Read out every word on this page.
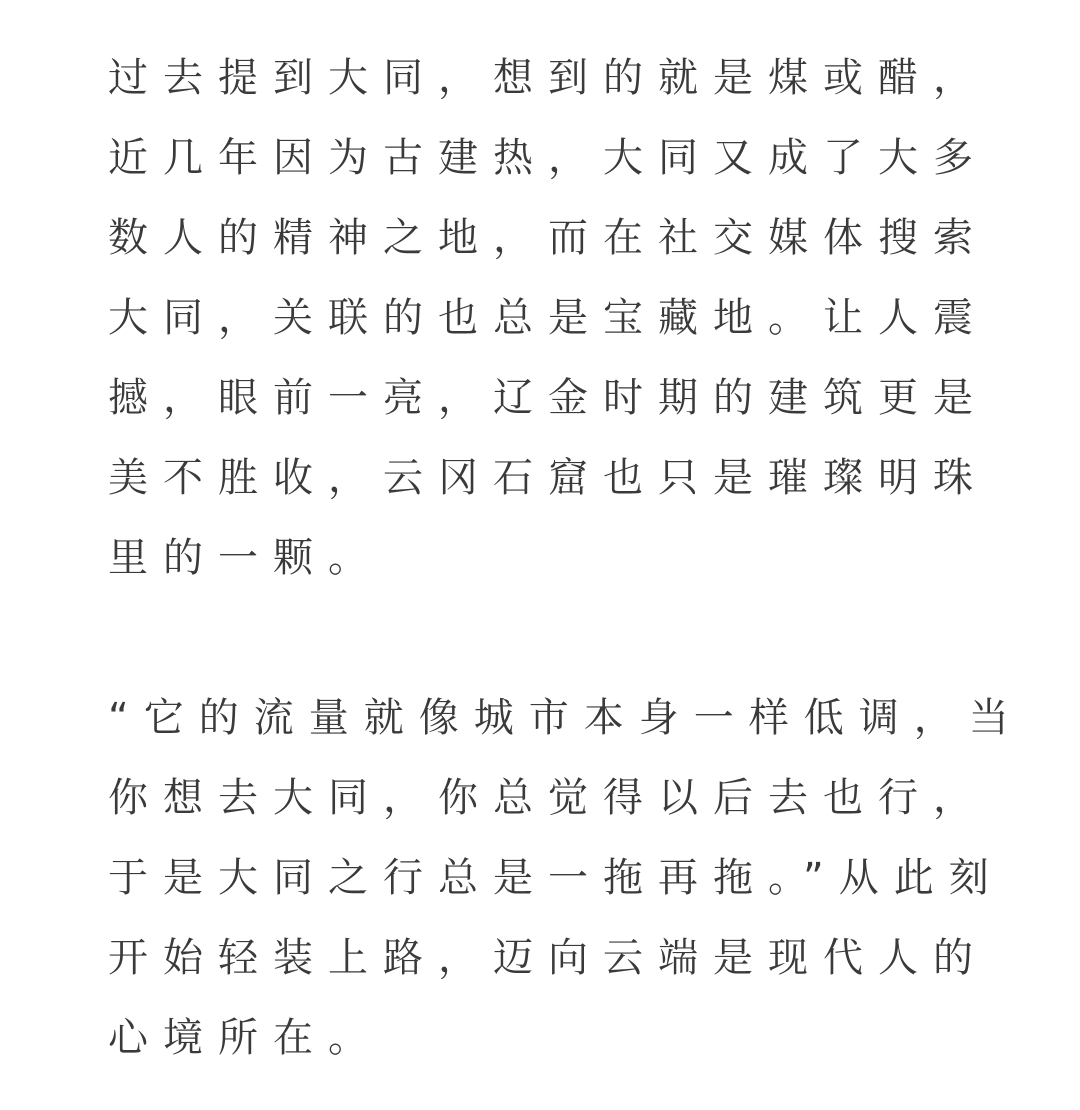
过去提到大同，想到的就是煤或醋，
近几年因为古建热，大同又成了大多
数人的精神之地，而在社交媒体搜索
大同，关联的也总是宝藏地。让人震
撼，眼前一亮，辽金时期的建筑更是
美不胜收，云冈石窟也只是璀璨明珠
里的一颗。
“它的流量就像城市本身一样低调，当
你想去大同，你总觉得以后去也行，
于是大同之行总是一拖再拖。”从此刻
开始轻装上路，迈向云端是现代人的
心境所在。
